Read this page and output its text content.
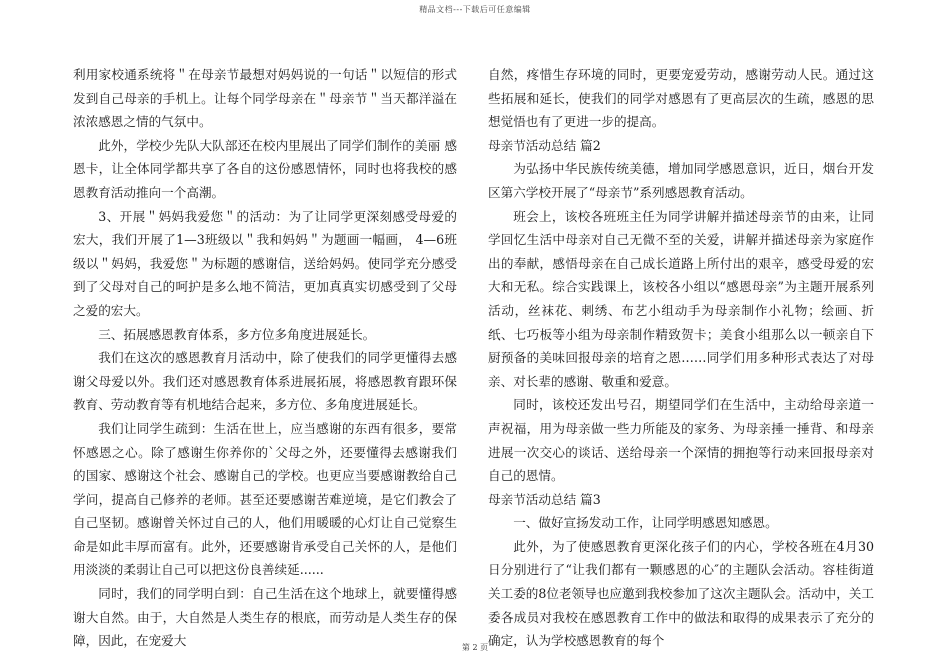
精品文档---下载后可任意编辑

利用家校通系统将＂在母亲节最想对妈妈说的一句话＂以短信的形式发到自己母亲的手机上。让每个同学母亲在＂母亲节＂当天都洋溢在浓浓感恩之情的气氛中。

此外，学校少先队大队部还在校内里展出了同学们制作的美丽 感恩卡，让全体同学都共享了各自的这份感恩情怀，同时也将我校的感恩教育活动推向一个高潮。

3、开展＂妈妈我爱您＂的活动：为了让同学更深刻感受母爱的宏大，我们开展了1—3班级以＂我和妈妈＂为题画一幅画， 4—6班级以＂妈妈，我爱您＂为标题的感谢信，送给妈妈。使同学充分感受到了父母对自己的呵护是多么地不简洁，更加真真实切感受到了父母之爱的宏大。

三、拓展感恩教育体系，多方位多角度进展延长。

我们在这次的感恩教育月活动中，除了使我们的同学更懂得去感谢父母爱以外。我们还对感恩教育体系进展拓展，将感恩教育跟环保教育、劳动教育等有机地结合起来，多方位、多角度进展延长。

我们让同学生疏到：生活在世上，应当感谢的东西有很多，要常怀感恩之心。除了感谢生你养你的`父母之外，还要懂得去感谢我们的国家、感谢这个社会、感谢自己的学校。也更应当要感谢教给自己学问，提高自己修养的老师。甚至还要感谢苦难逆境，是它们教会了自己坚韧。感谢曾关怀过自己的人，他们用暖暖的心灯让自己觉察生命是如此丰厚而富有。此外，还要感谢肯承受自己关怀的人，是他们用淡淡的柔弱让自己可以把这份良善续延......

同时，我们的同学明白到：自己生活在这个地球上，就要懂得感谢大自然。由于，大自然是人类生存的根底，而劳动是人类生存的保障，因此，在宠爱大

自然，疼惜生存环境的同时，更要宠爱劳动，感谢劳动人民。通过这些拓展和延长，使我们的同学对感恩有了更高层次的生疏，感恩的思想觉悟也有了更进一步的提高。

母亲节活动总结 篇2

为弘扬中华民族传统美德，增加同学感恩意识，近日，烟台开发区第六学校开展了“母亲节”系列感恩教育活动。

班会上，该校各班班主任为同学讲解并描述母亲节的由来，让同学回忆生活中母亲对自己无微不至的关爱，讲解并描述母亲为家庭作出的奉献，感悟母亲在自己成长道路上所付出的艰辛，感受母爱的宏大和无私。综合实践课上，该校各小组以“感恩母亲”为主题开展系列活动，丝袜花、刺绣、布艺小组动手为母亲制作小礼物；绘画、折纸、七巧板等小组为母亲制作精致贺卡；美食小组那么以一顿亲自下厨预备的美味回报母亲的培育之恩……同学们用多种形式表达了对母亲、对长辈的感谢、敬重和爱意。

同时，该校还发出号召，期望同学们在生活中，主动给母亲道一声祝福，用为母亲做一些力所能及的家务、为母亲捶一捶背、和母亲进展一次交心的谈话、送给母亲一个深情的拥抱等行动来回报母亲对自己的恩情。

母亲节活动总结 篇3

一、做好宣扬发动工作，让同学明感恩知感恩。

此外，为了使感恩教育更深化孩子们的内心，学校各班在4月30日分别进行了“让我们都有一颗感恩的心″的主题队会活动。容桂街道关工委的8位老领导也应邀到我校参加了这次主题队会。活动中，关工委各成员对我校在感恩教育工作中的做法和取得的成果表示了充分的确定，认为学校感恩教育的每个

第 2 页
